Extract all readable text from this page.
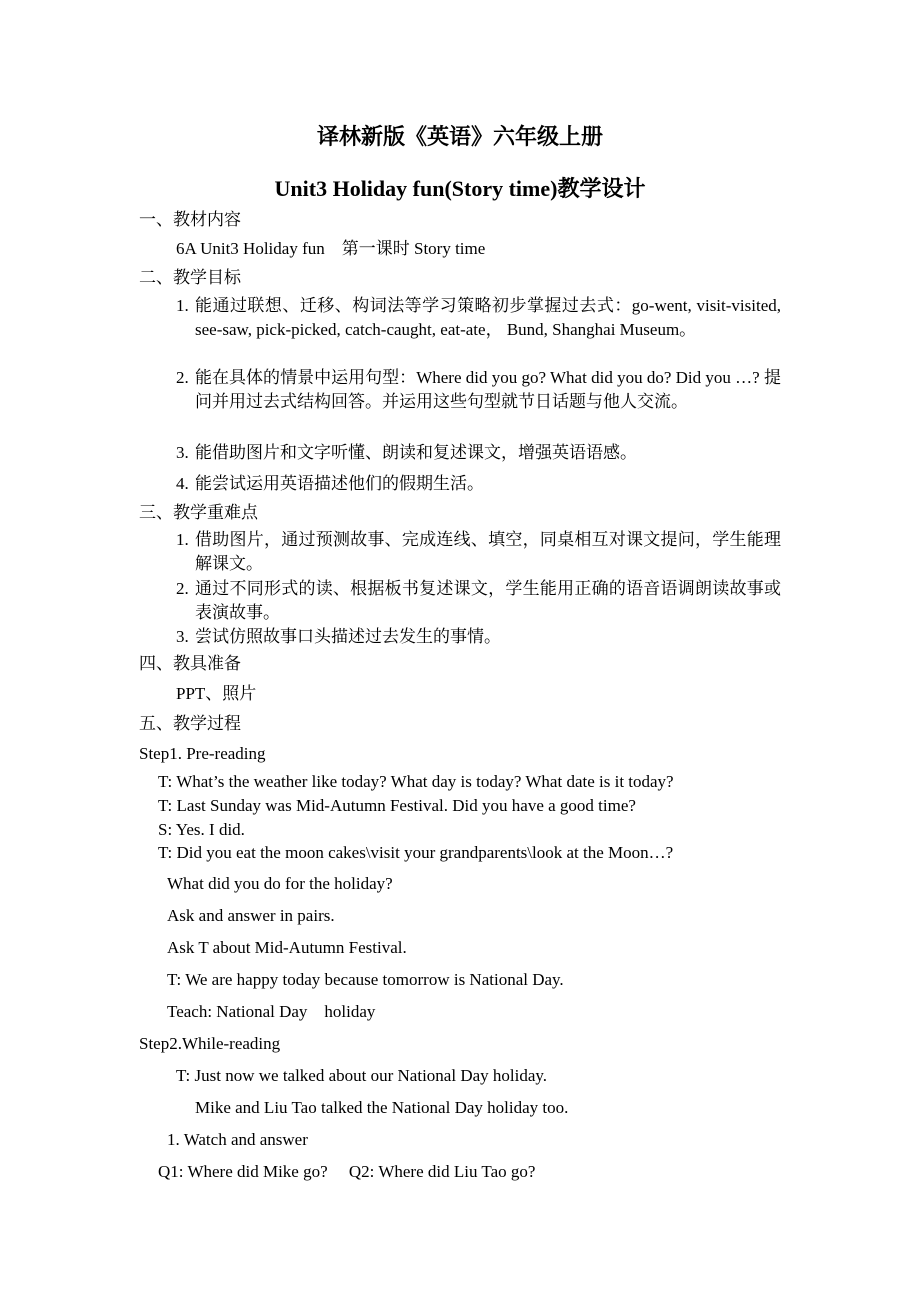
译林新版《英语》六年级上册
Unit3 Holiday fun(Story time)教学设计
一、教材内容
6A Unit3 Holiday fun　第一课时 Story time
二、教学目标
1. 能通过联想、迁移、构词法等学习策略初步掌握过去式：go-went, visit-visited, see-saw, pick-picked, catch-caught, eat-ate， Bund, Shanghai Museum。
2. 能在具体的情景中运用句型：Where did you go? What did you do? Did you …? 提问并用过去式结构回答。并运用这些句型就节日话题与他人交流。
3. 能借助图片和文字听懂、朗读和复述课文，增强英语语感。
4. 能尝试运用英语描述他们的假期生活。
三、教学重难点
1. 借助图片，通过预测故事、完成连线、填空，同桌相互对课文提问，学生能理解课文。
2. 通过不同形式的读、根据板书复述课文，学生能用正确的语音语调朗读故事或表演故事。
3. 尝试仿照故事口头描述过去发生的事情。
四、教具准备
PPT、照片
五、教学过程
Step1. Pre-reading
T: What’s the weather like today? What day is today? What date is it today?
T: Last Sunday was Mid-Autumn Festival. Did you have a good time?
S: Yes. I did.
T: Did you eat the moon cakes\visit your grandparents\look at the Moon…?
What did you do for the holiday?
Ask and answer in pairs.
Ask T about Mid-Autumn Festival.
T: We are happy today because tomorrow is National Day.
Teach: National Day　holiday
Step2.While-reading
T: Just now we talked about our National Day holiday.
Mike and Liu Tao talked the National Day holiday too.
1. Watch and answer
Q1: Where did Mike go?　 Q2: Where did Liu Tao go?
